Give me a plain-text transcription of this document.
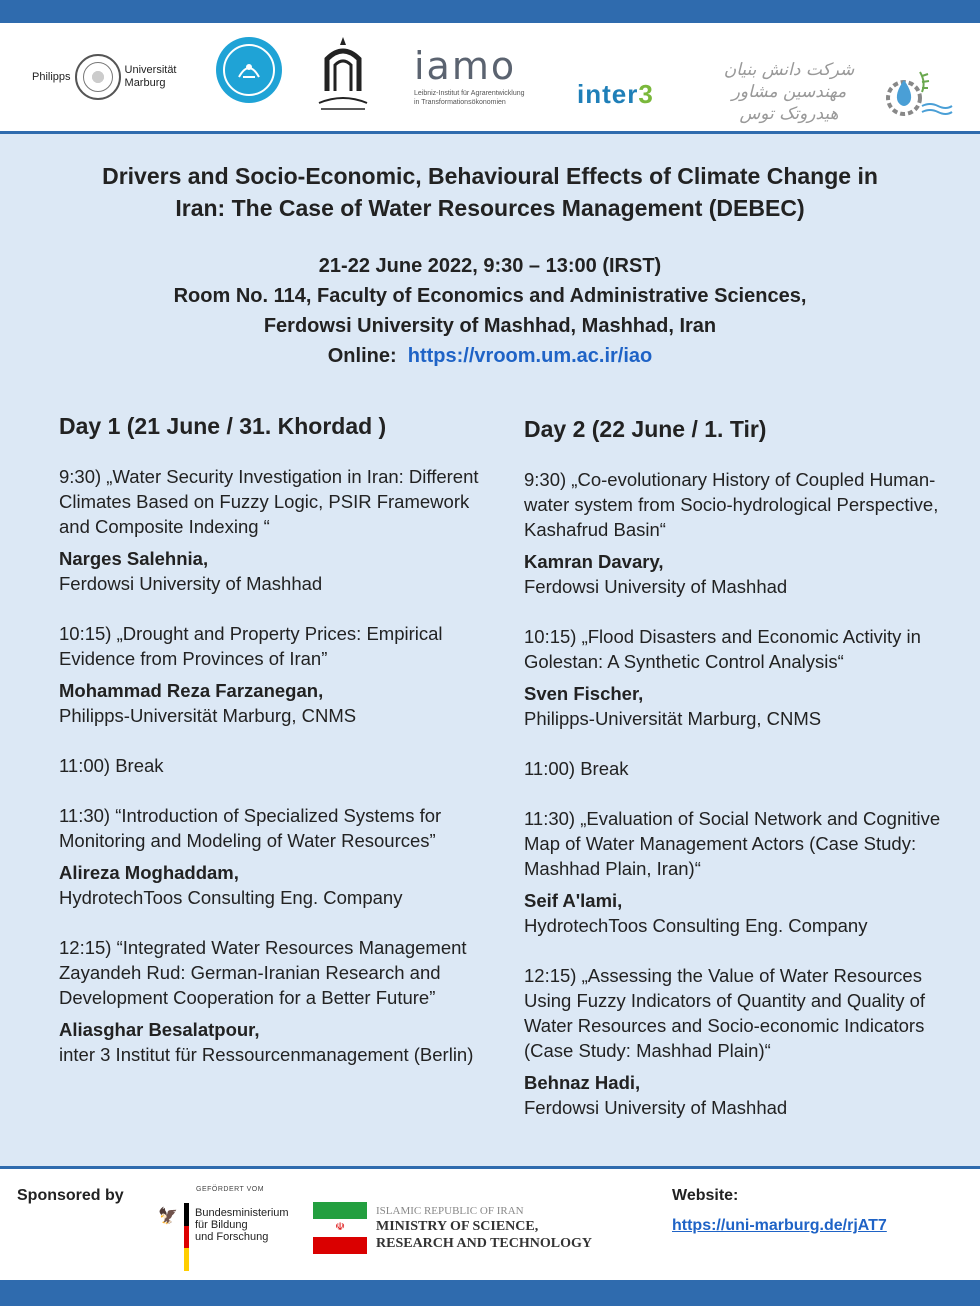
Philipps
Universität
Marburg	iamo
Leibniz-Institut für Agrarentwicklung
in Transformationsökonomien	inter 3
شرکت دانش بنیان مهندسین مشاور هیدروتک توس
Drivers and Socio-Economic, Behavioural Effects of Climate Change in
Iran: The Case of Water Resources Management (DEBEC)
21-22 June 2022, 9:30 – 13:00 (IRST)
Room No. 114, Faculty of Economics and Administrative Sciences,
Ferdowsi University of Mashhad, Mashhad, Iran
Online: https://vroom.um.ac.ir/iao
Day 1 (21 June / 31. Khordad )
9:30) „Water Security Investigation in Iran: Different Climates Based on Fuzzy Logic, PSIR Framework and Composite Indexing “
Narges Salehnia,
Ferdowsi University of Mashhad
10:15) „Drought and Property Prices: Empirical Evidence from Provinces of Iran”
Mohammad Reza Farzanegan,
Philipps-Universität Marburg, CNMS
11:00) Break
11:30) “Introduction of Specialized Systems for Monitoring and Modeling of Water Resources”
Alireza Moghaddam,
HydrotechToos Consulting Eng. Company
12:15) “Integrated Water Resources Management Zayandeh Rud: German-Iranian Research and Development Cooperation for a Better Future”
Aliasghar Besalatpour,
inter 3 Institut für Ressourcenmanagement (Berlin)
Day 2 (22 June / 1. Tir)
9:30) „Co-evolutionary History of Coupled Human-water system from Socio-hydrological Perspective, Kashafrud Basin“
Kamran Davary,
Ferdowsi University of Mashhad
10:15) „Flood Disasters and Economic Activity in Golestan: A Synthetic Control Analysis“
Sven Fischer,
Philipps-Universität Marburg, CNMS
11:00) Break
11:30) „Evaluation of Social Network and Cognitive Map of Water Management Actors (Case Study: Mashhad Plain, Iran)“
Seif A'lami,
HydrotechToos Consulting Eng. Company
12:15) „Assessing the Value of Water Resources Using Fuzzy Indicators of Quantity and Quality of Water Resources and Socio-economic Indicators (Case Study: Mashhad Plain)“
Behnaz Hadi,
Ferdowsi University of Mashhad
Sponsored by	GEFÖRDERT VOM
🦅 Bundesministerium
für Bildung
und Forschung
☫
ISLAMIC REPUBLIC OF IRAN
MINISTRY OF SCIENCE,
RESEARCH AND TECHNOLOGY
Website:
https://uni-marburg.de/rjAT7
